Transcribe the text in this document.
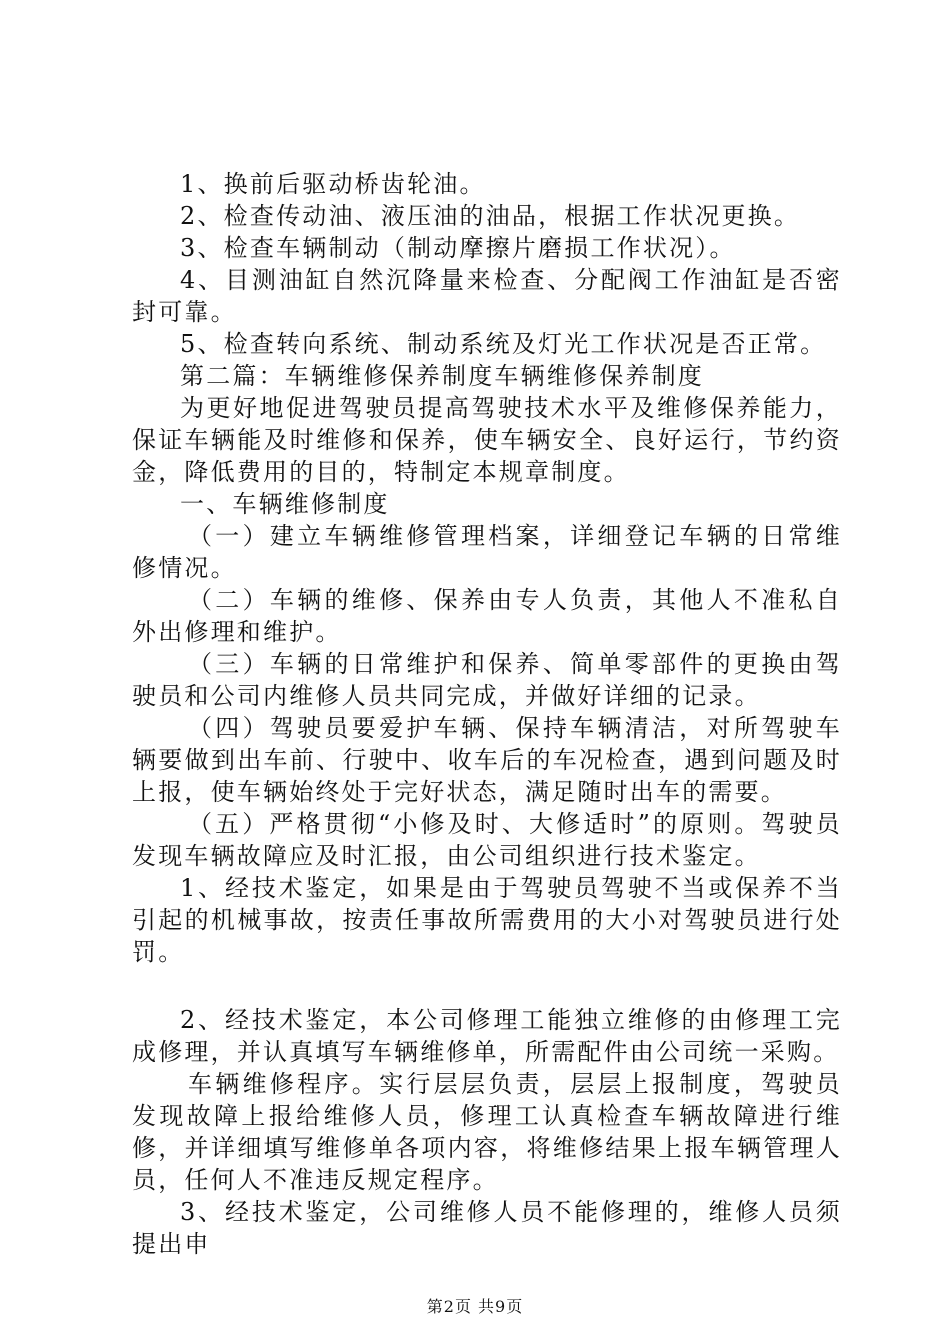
1、换前后驱动桥齿轮油。

2、检查传动油、液压油的油品，根据工作状况更换。

3、检查车辆制动（制动摩擦片磨损工作状况）。

4、目测油缸自然沉降量来检查、分配阀工作油缸是否密封可靠。

5、检查转向系统、制动系统及灯光工作状况是否正常。

第二篇：车辆维修保养制度车辆维修保养制度

为更好地促进驾驶员提高驾驶技术水平及维修保养能力，保证车辆能及时维修和保养，使车辆安全、良好运行，节约资金，降低费用的目的，特制定本规章制度。

一、车辆维修制度

（一）建立车辆维修管理档案，详细登记车辆的日常维修情况。

（二）车辆的维修、保养由专人负责，其他人不准私自外出修理和维护。

（三）车辆的日常维护和保养、简单零部件的更换由驾驶员和公司内维修人员共同完成，并做好详细的记录。

（四）驾驶员要爱护车辆、保持车辆清洁，对所驾驶车辆要做到出车前、行驶中、收车后的车况检查，遇到问题及时上报，使车辆始终处于完好状态，满足随时出车的需要。

（五）严格贯彻“小修及时、大修适时”的原则。驾驶员发现车辆故障应及时汇报，由公司组织进行技术鉴定。

1、经技术鉴定，如果是由于驾驶员驾驶不当或保养不当引起的机械事故，按责任事故所需费用的大小对驾驶员进行处罚。

2、经技术鉴定，本公司修理工能独立维修的由修理工完成修理，并认真填写车辆维修单，所需配件由公司统一采购。

车辆维修程序。实行层层负责，层层上报制度，驾驶员发现故障上报给维修人员，修理工认真检查车辆故障进行维修，并详细填写维修单各项内容，将维修结果上报车辆管理人员，任何人不准违反规定程序。

3、经技术鉴定，公司维修人员不能修理的，维修人员须提出申

第2页 共9页
